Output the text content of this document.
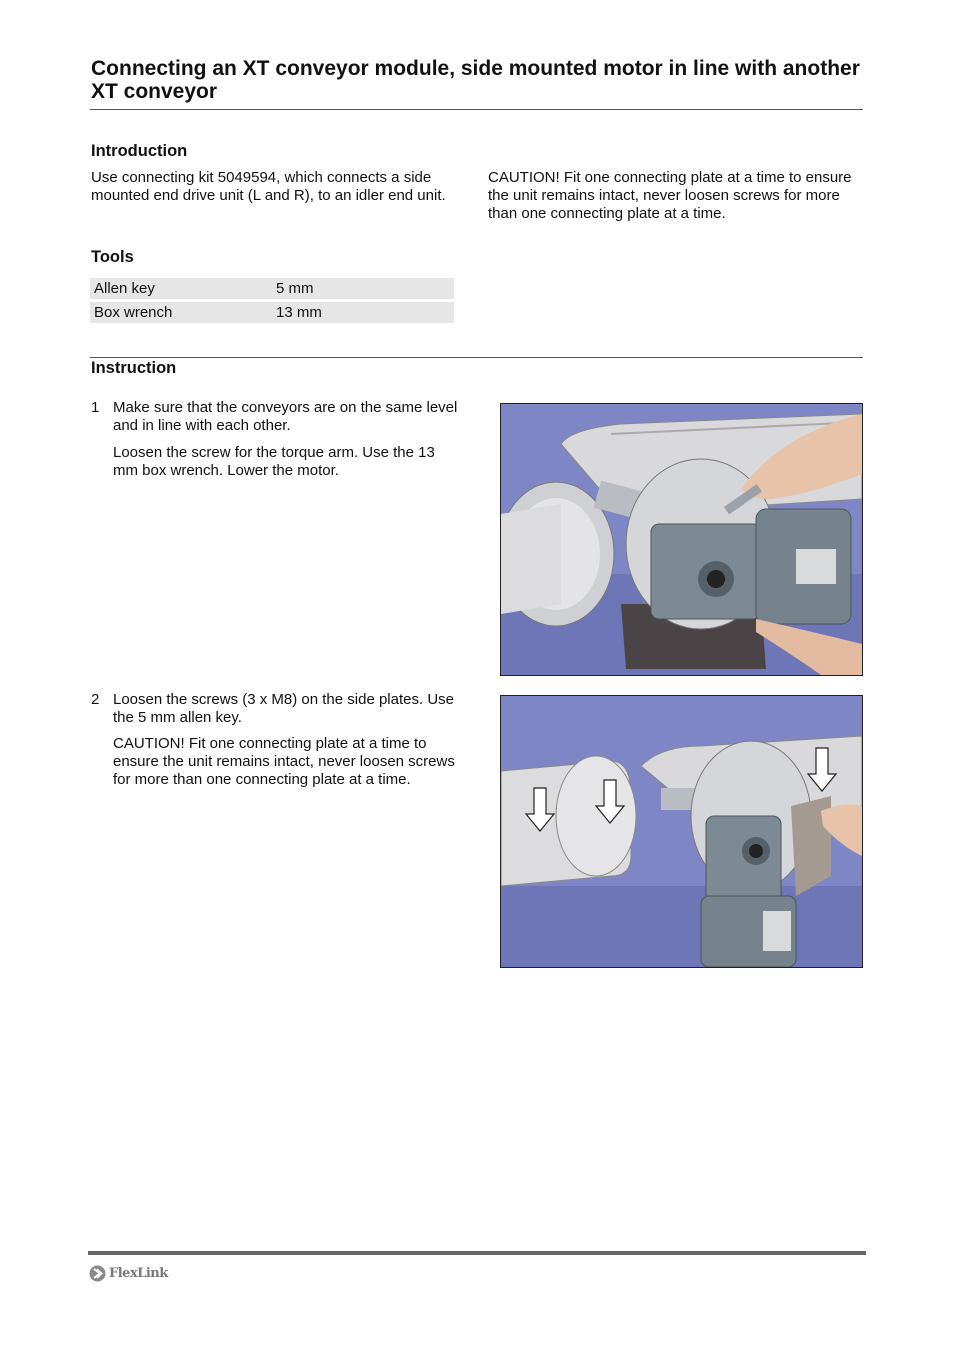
Connecting an XT conveyor module, side mounted motor in line with another XT conveyor
Introduction

Use connecting kit 5049594, which connects a side mounted end drive unit (L and R), to an idler end unit.

CAUTION! Fit one connecting plate at a time to ensure the unit remains intact, never loosen screws for more than one connecting plate at a time.

Tools
Allen key	5 mm
Box wrench	13 mm
Instruction
1 Make sure that the conveyors are on the same level and in line with each other.

Loosen the screw for the torque arm. Use the 13 mm box wrench. Lower the motor.

2 Loosen the screws (3 x M8) on the side plates. Use the 5 mm allen key.

CAUTION! Fit one connecting plate at a time to ensure the unit remains intact, never loosen screws for more than one connecting plate at a time.

FlexLink
